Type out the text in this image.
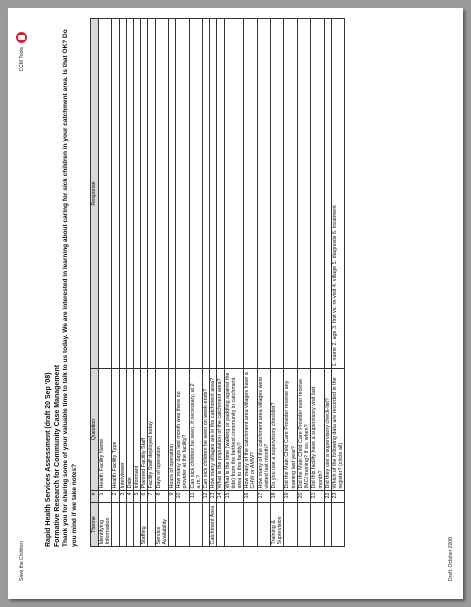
Save the Children
CCM Tools
Rapid Health Services Assessment (draft 20 Sep '08) Formative Research for Community Case Management Thank you for sharing some of your valuable time to talk to us today. We are interested in learning about caring for sick children in your catchment area. Is that OK? Do you mind if we take notes?	Theme	#	Question	Response
Identifying Information	1	Health Facility Name	
	2	Health Facility Type	
	3	Interviewer	
	4	Date	
	5	Informant	
Staffing	6	Planned Facility Staff	
	7	Facility Staff deployed today	
Service Availability	8	Days of operation	
	9	Hours of operation	
	10	How many days last month was there no provider at the facility?	
	11	Can sick children be seen, if necessary, at 2 a.m.?	
	12	Can sick children be seen on week-ends?	
Catchment Area	13	How many villages are in the catchment area?	
	14	What is the population of the catchment area?	
	15	What is the time (walking or paddling against the tide) from the farthest community in catchment area to this facility?	
	16	How many of the catchment area villages have a CHW or AMW?	
	17	How many of the catchment area villages were visited last month?	
Training & Supervision	18	Do you use a supervisory checklist?	
	19	Did the Main Child Care Provider receive any training last year?	
	20	Did the Main Child Care Provider ever receive IMCI training? If so, when?	
	21	Did this facility have a supervisory visit last month?	
	22	Did they use a supervisory check-list?	
	23	Which of the following data are recorded in the register? (circle all)	1. name 2. age 3. first vs. re-visit 4. village 5. diagnosis 6. treatment
Draft, October 2008
